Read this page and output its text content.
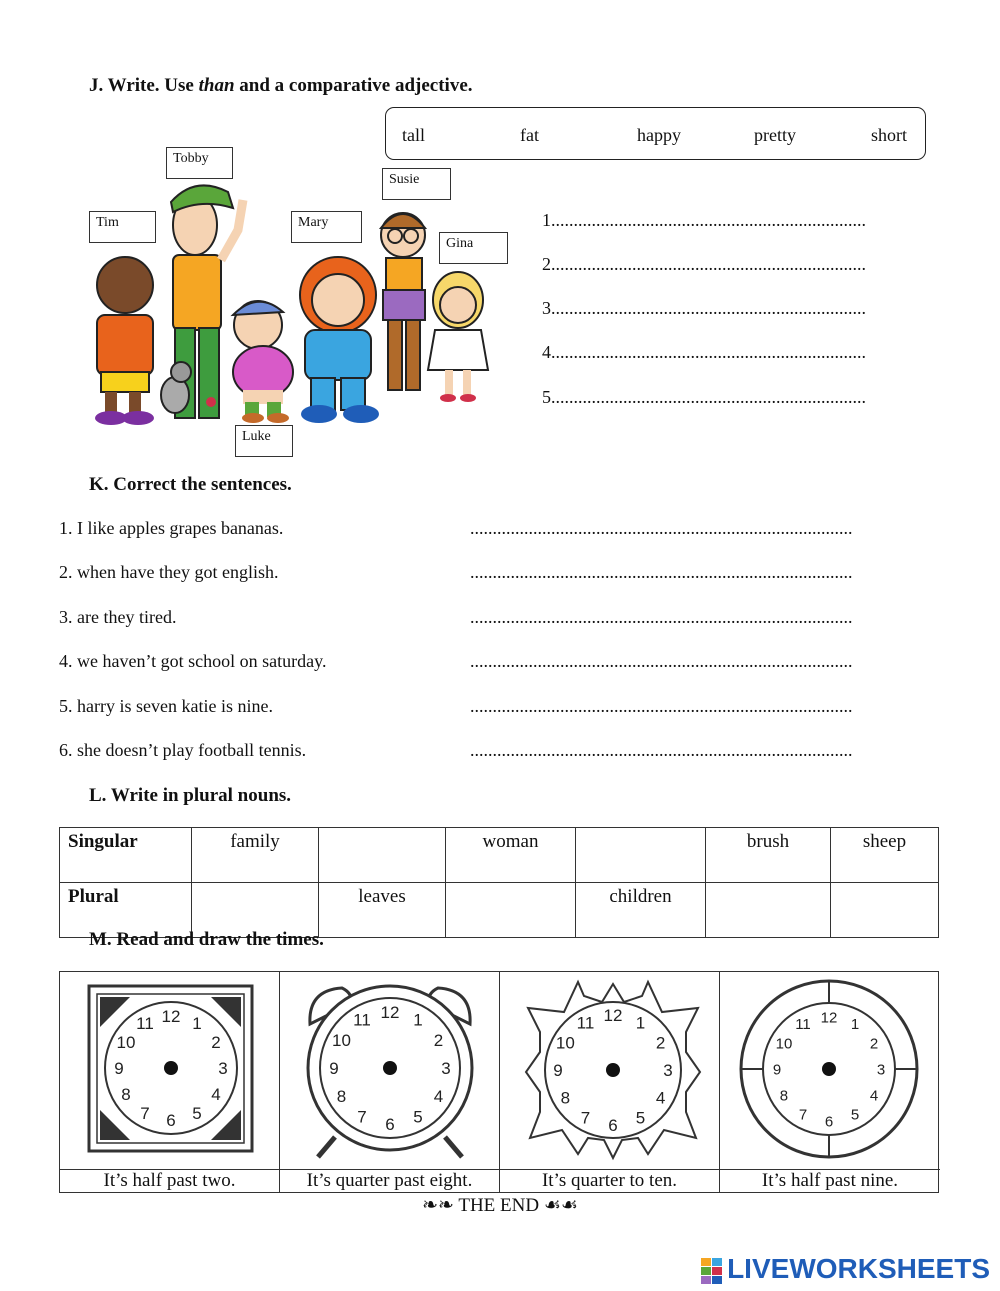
J. Write. Use than and a comparative adjective.
tall	fat	happy	pretty	short
Tobby
Tim	Mary
Susie
Gina
Luke
1......................................................................
2......................................................................
3......................................................................
4......................................................................
5......................................................................
K. Correct the sentences.
1. I like apples grapes bananas.	.....................................................................................
2. when have they got english.	.....................................................................................
3. are they tired.	.....................................................................................
4. we haven’t got school on saturday.	.....................................................................................
5. harry is seven katie is nine.	.....................................................................................
6. she doesn’t play football tennis.	.....................................................................................
L. Write in plural nouns.
Singular	family		woman		brush	sheep
Plural		leaves		children		
M. Read and draw the times.
12 1
2
3
4
5
6
7
8
9
10
11
12 1
2
3
4
5
6
7
8
9
10
11	12 1
2
3
4
5
6
7
8
9
10
11	12 1
2
3
4
5
6
7
8
9
10
11
It’s half past two.	It’s quarter past eight.	It’s quarter to ten.	It’s half past nine.
❧❧ THE END ☙☙
LIVEWORKSHEETS
